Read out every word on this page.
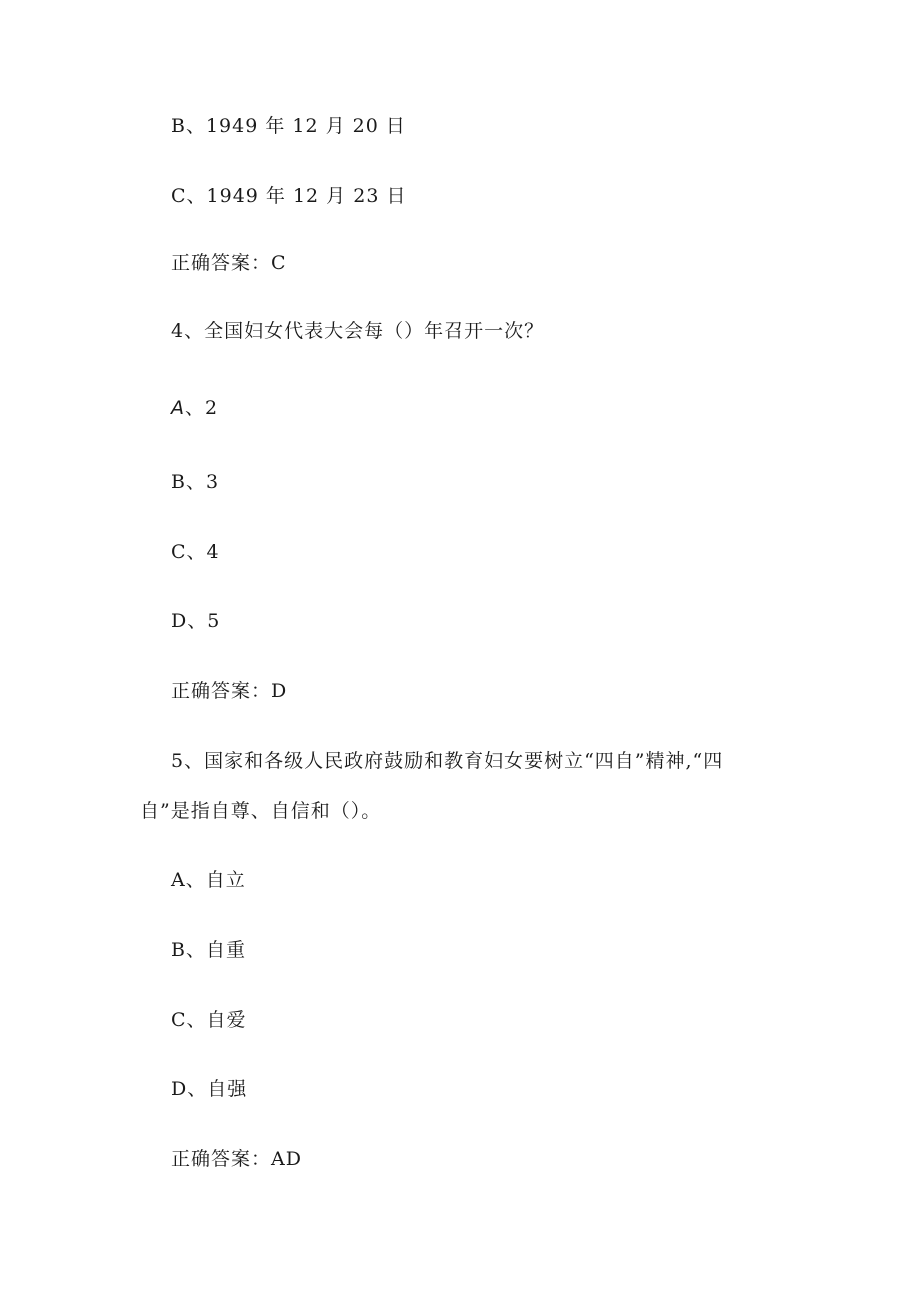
B、1949 年 12 月 20 日
C、1949 年 12 月 23 日
正确答案：C
4、全国妇女代表大会每（）年召开一次？
A、2
B、3
C、4
D、5
正确答案：D
5、国家和各级人民政府鼓励和教育妇女要树立“四自”精神,“四
自”是指自尊、自信和（）。
A、自立
B、自重
C、自爱
D、自强
正确答案：AD
